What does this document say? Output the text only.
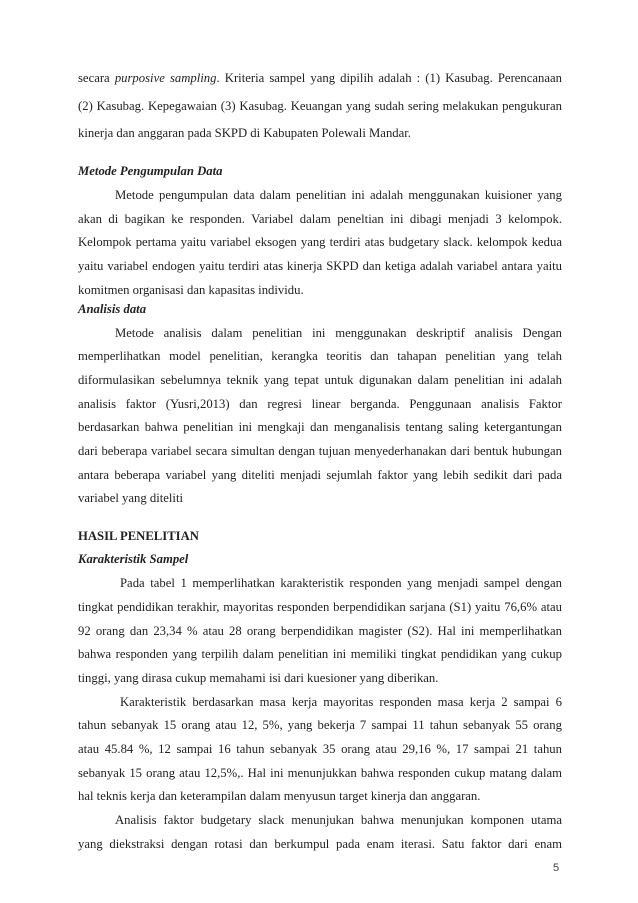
secara purposive sampling. Kriteria sampel yang dipilih adalah : (1) Kasubag. Perencanaan
(2) Kasubag. Kepegawaian (3) Kasubag. Keuangan yang sudah sering melakukan pengukuran
kinerja dan anggaran pada SKPD di Kabupaten Polewali Mandar.
Metode Pengumpulan Data
Metode pengumpulan data dalam penelitian ini adalah menggunakan kuisioner yang
akan di bagikan ke responden. Variabel dalam peneltian ini dibagi menjadi 3 kelompok.
Kelompok pertama yaitu variabel eksogen yang terdiri atas budgetary slack. kelompok kedua
yaitu variabel endogen yaitu terdiri atas kinerja SKPD dan ketiga adalah variabel antara yaitu
komitmen organisasi dan kapasitas individu.
Analisis data
Metode analisis dalam penelitian ini menggunakan deskriptif analisis Dengan
memperlihatkan model penelitian, kerangka teoritis dan tahapan penelitian yang telah
diformulasikan sebelumnya teknik yang tepat untuk digunakan dalam penelitian ini adalah
analisis faktor (Yusri,2013) dan regresi linear berganda. Penggunaan analisis Faktor
berdasarkan bahwa penelitian ini mengkaji dan menganalisis tentang saling ketergantungan
dari beberapa variabel secara simultan dengan tujuan menyederhanakan dari bentuk hubungan
antara beberapa variabel yang diteliti menjadi sejumlah faktor yang lebih sedikit dari pada
variabel yang diteliti
HASIL PENELITIAN
Karakteristik Sampel
Pada tabel 1 memperlihatkan karakteristik responden yang menjadi sampel dengan
tingkat pendidikan terakhir, mayoritas responden berpendidikan sarjana (S1) yaitu 76,6% atau
92 orang dan 23,34 % atau 28 orang berpendidikan magister (S2). Hal ini memperlihatkan
bahwa responden yang terpilih dalam penelitian ini memiliki tingkat pendidikan yang cukup
tinggi, yang dirasa cukup memahami isi dari kuesioner yang diberikan.
Karakteristik berdasarkan masa kerja mayoritas responden masa kerja 2 sampai 6
tahun sebanyak 15 orang atau 12, 5%, yang bekerja 7 sampai 11 tahun sebanyak 55 orang
atau 45.84 %, 12 sampai 16 tahun sebanyak 35 orang atau 29,16 %, 17 sampai 21 tahun
sebanyak 15 orang atau 12,5%,. Hal ini menunjukkan bahwa responden cukup matang dalam
hal teknis kerja dan keterampilan dalam menyusun target kinerja dan anggaran.
Analisis faktor budgetary slack menunjukan bahwa menunjukan komponen utama
yang diekstraksi dengan rotasi dan berkumpul pada enam iterasi. Satu faktor dari enam
5
